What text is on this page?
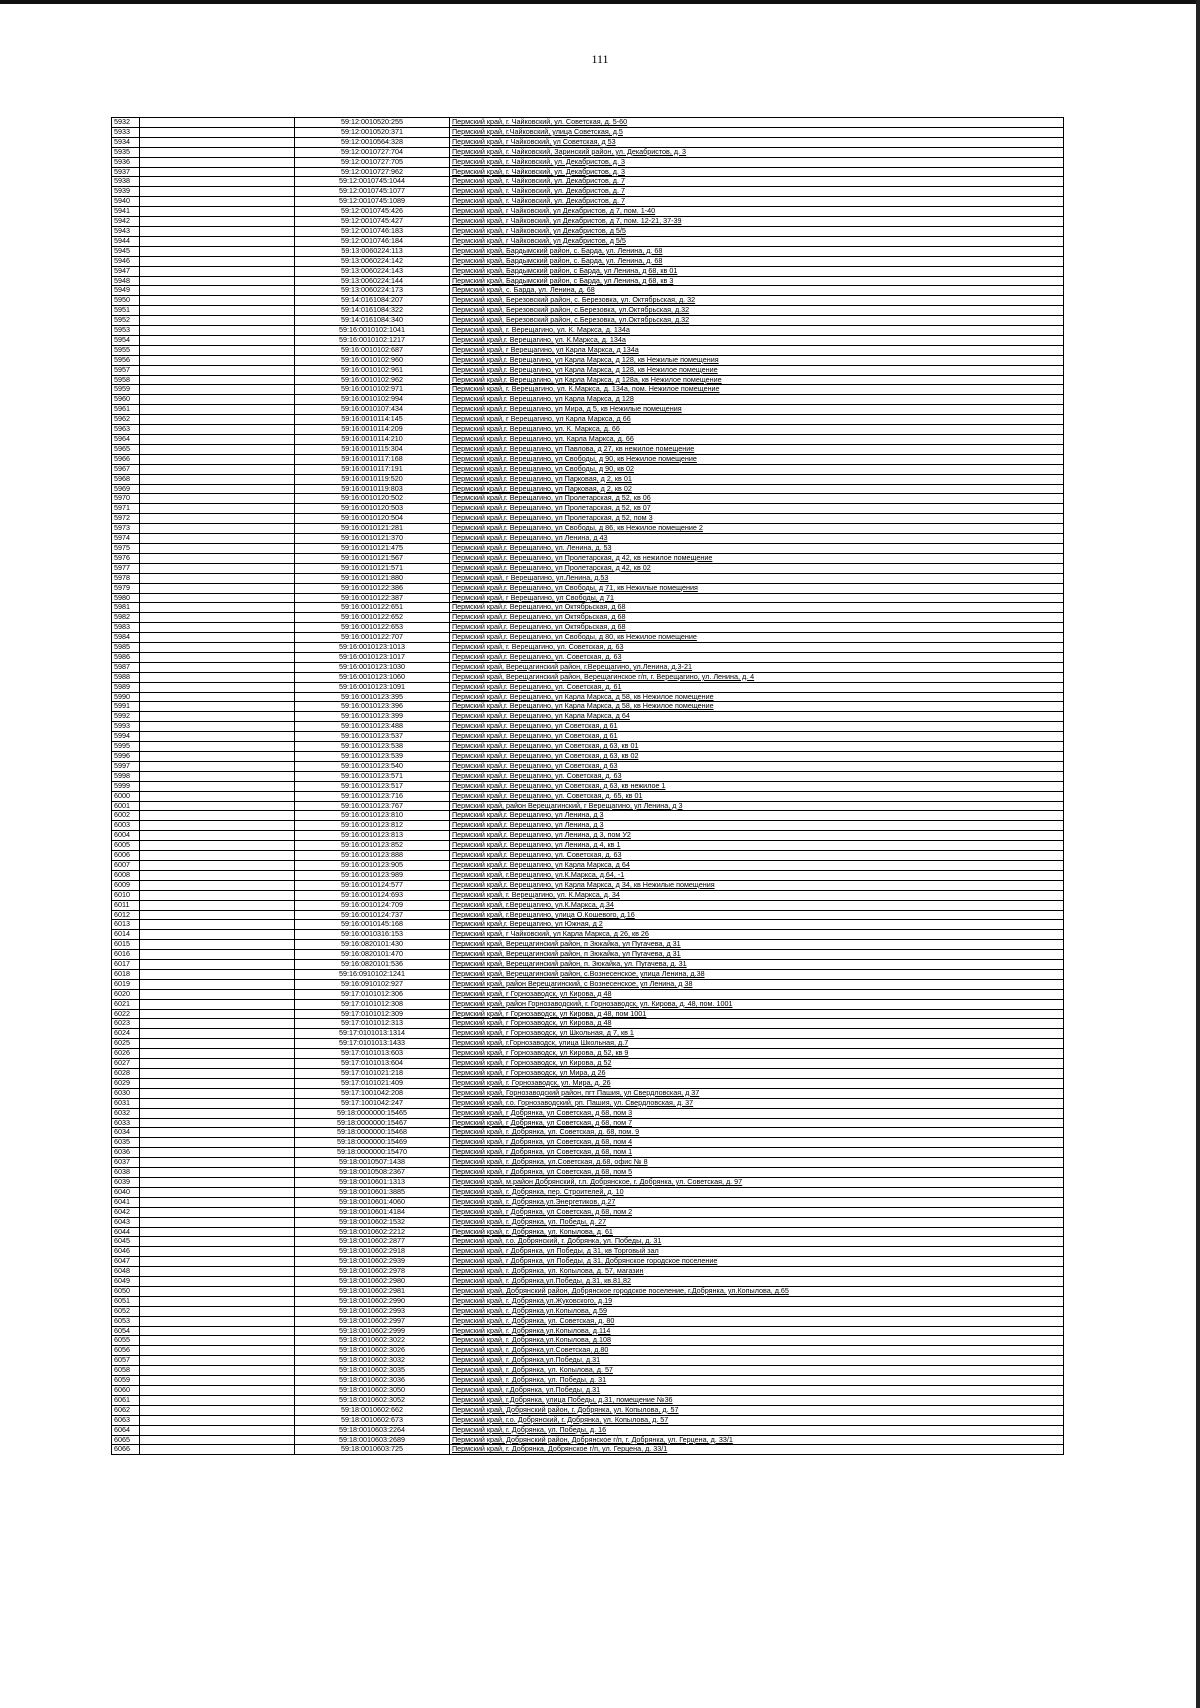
111
5932		59:12:0010520:255	Пермский край, г. Чайковский, ул. Советская, д. 5-60
5933		59:12:0010520:371	Пермский край, г.Чайковский, улица Советская, д.5
5934		59:12:0010564:328	Пермский край, г Чайковский, ул Советская, д 53
5935		59:12:0010727:704	Пермский край, г. Чайковский, Заринский район, ул. Декабристов, д. 3
5936		59:12:0010727:705	Пермский край, г. Чайковский, ул. Декабристов, д. 3
5937		59:12:0010727:962	Пермский край, г. Чайковский, ул. Декабристов, д. 3
5938		59:12:0010745:1044	Пермский край, г. Чайковский, ул. Декабристов, д. 7
5939		59:12:0010745:1077	Пермский край, г. Чайковский, ул. Декабристов, д. 7
5940		59:12:0010745:1089	Пермский край, г. Чайковский, ул. Декабристов, д. 7
5941		59:12:0010745:426	Пермский край, г Чайковский, ул Декабристов, д 7, пом. 1-40
5942		59:12:0010745:427	Пермский край, г Чайковский, ул Декабристов, д 7, пом. 12-21, 37-39
5943		59:12:0010746:183	Пермский край, г Чайковский, ул Декабристов, д 5/5
5944		59:12:0010746:184	Пермский край, г Чайковский, ул Декабристов, д 5/5
5945		59:13:0060224:113	Пермский край, Бардымский район, с. Барда, ул. Ленина, д. 68
5946		59:13:0060224:142	Пермский край, Бардымский район, с. Барда, ул. Ленина, д. 68
5947		59:13:0060224:143	Пермский край, Бардымский район, с Барда, ул Ленина, д 68, кв 01
5948		59:13:0060224:144	Пермский край, Бардымский район, с Барда, ул Ленина, д 68, кв 3
5949		59:13:0060224:173	Пермский край, с. Барда, ул. Ленина, д. 68
5950		59:14:0161084:207	Пермский край, Березовский район, с. Березовка, ул. Октябрьская, д. 32
5951		59:14:0161084:322	Пермский край, Березовский район, с.Березовка, ул.Октябрьская, д.32
5952		59:14:0161084:340	Пермский край, Березовский район, с.Березовка, ул.Октябрьская, д.32
5953		59:16:0010102:1041	Пермский край, г. Верещагино, ул. К. Маркса, д. 134а
5954		59:16:0010102:1217	Пермский край,г. Верещагино, ул. К.Маркса, д. 134а
5955		59:16:0010102:687	Пермский край, г Верещагино, ул Карла Маркса, д 134а
5956		59:16:0010102:960	Пермский край,г. Верещагино, ул Карла Маркса, д 128, кв Нежилые помещения
5957		59:16:0010102:961	Пермский край,г. Верещагино, ул Карла Маркса, д 128, кв Нежилое помещение
5958		59:16:0010102:962	Пермский край,г. Верещагино, ул Карла Маркса, д 128а, кв Нежилое помещение
5959		59:16:0010102:971	Пермский край, г. Верещагино, ул. К.Маркса, д. 134а, пом. Нежилое помещение
5960		59:16:0010102:994	Пермский край,г. Верещагино, ул Карла Маркса, д 128
5961		59:16:0010107:434	Пермский край,г. Верещагино, ул Мира, д 5, кв Нежилые помещения
5962		59:16:0010114:145	Пермский край, г Верещагино, ул Карла Маркса, д 66
5963		59:16:0010114:209	Пермский край,г. Верещагино, ул. К. Маркса, д. 66
5964		59:16:0010114:210	Пермский край,г. Верещагино, ул. Карла Маркса, д. 66
5965		59:16:0010115:304	Пермский край,г. Верещагино, ул Павлова, д 27, кв нежилое помещение
5966		59:16:0010117:168	Пермский край,г. Верещагино, ул Свободы, д 90, кв Нежилое помещение
5967		59:16:0010117:191	Пермский край,г. Верещагино, ул Свободы, д 90, кв 02
5968		59:16:0010119:520	Пермский край,г. Верещагино, ул Парковая, д 2, кв 01
5969		59:16:0010119:803	Пермский край,г. Верещагино, ул Парковая, д 2, кв 02
5970		59:16:0010120:502	Пермский край,г. Верещагино, ул Пролетарская, д 52, кв 06
5971		59:16:0010120:503	Пермский край,г. Верещагино, ул Пролетарская, д 52, кв 07
5972		59:16:0010120:504	Пермский край,г. Верещагино, ул Пролетарская, д 52, пом 3
5973		59:16:0010121:281	Пермский край,г. Верещагино, ул Свободы, д 86, кв Нежилое помещение 2
5974		59:16:0010121:370	Пермский край,г. Верещагино, ул Ленина, д 43
5975		59:16:0010121:475	Пермский край,г. Верещагино, ул. Ленина, д. 53
5976		59:16:0010121:567	Пермский край,г. Верещагино, ул Пролетарская, д 42, кв нежилое помещение
5977		59:16:0010121:571	Пермский край,г. Верещагино, ул Пролетарская, д 42, кв 02
5978		59:16:0010121:880	Пермский край, г Верещагино, ул.Ленина, д.53
5979		59:16:0010122:386	Пермский край,г. Верещагино, ул Свободы, д 71, кв Нежилые помещения
5980		59:16:0010122:387	Пермский край, г Верещагино, ул Свободы, д 71
5981		59:16:0010122:651	Пермский край,г. Верещагино, ул Октябрьская, д 68
5982		59:16:0010122:652	Пермский край,г. Верещагино, ул Октябрьская, д 68
5983		59:16:0010122:653	Пермский край,г. Верещагино, ул Октябрьская, д 68
5984		59:16:0010122:707	Пермский край,г. Верещагино, ул Свободы, д 80, кв Нежилое помещение
5985		59:16:0010123:1013	Пермский край, г. Верещагино, ул. Советская, д. 63
5986		59:16:0010123:1017	Пермский край,г. Верещагино, ул. Советская, д. 63
5987		59:16:0010123:1030	Пермский край, Верещагинский район, г.Верещагино, ул.Ленина, д.3-21
5988		59:16:0010123:1060	Пермский край, Верещагинский район, Верещагинское г/п, г. Верещагино, ул. Ленина, д. 4
5989		59:16:0010123:1091	Пермский край,г. Верещагино, ул. Советская, д. 61
5990		59:16:0010123:395	Пермский край,г. Верещагино, ул Карла Маркса, д 58, кв Нежилое помещение
5991		59:16:0010123:396	Пермский край,г. Верещагино, ул Карла Маркса, д 58, кв Нежилое помещение
5992		59:16:0010123:399	Пермский край,г. Верещагино, ул Карла Маркса, д 64
5993		59:16:0010123:488	Пермский край,г. Верещагино, ул Советская, д 61
5994		59:16:0010123:537	Пермский край,г. Верещагино, ул Советская, д 61
5995		59:16:0010123:538	Пермский край,г. Верещагино, ул Советская, д 63, кв 01
5996		59:16:0010123:539	Пермский край,г. Верещагино, ул Советская, д 63, кв 02
5997		59:16:0010123:540	Пермский край,г. Верещагино, ул Советская, д 63
5998		59:16:0010123:571	Пермский край,г. Верещагино, ул. Советская, д. 63
5999		59:16:0010123:517	Пермский край,г. Верещагино, ул Советская, д 63, кв нежилое 1
6000		59:16:0010123:716	Пермский край,г. Верещагино, ул. Советская, д. 65, кв 01
6001		59:16:0010123:767	Пермский край, район Верещагинский, г Верещагино, ул Ленина, д 3
6002		59:16:0010123:810	Пермский край,г. Верещагино, ул Ленина, д 3
6003		59:16:0010123:812	Пермский край,г. Верещагино, ул Ленина, д 3
6004		59:16:0010123:813	Пермский край,г. Верещагино, ул Ленина, д 3, пом У2
6005		59:16:0010123:852	Пермский край,г. Верещагино, ул Ленина, д 4, кв 1
6006		59:16:0010123:888	Пермский край,г. Верещагино, ул. Советская, д. 63
6007		59:16:0010123:905	Пермский край,г. Верещагино, ул Карла Маркса, д 64
6008		59:16:0010123:989	Пермский край, г.Верещагино, ул.К.Маркса, д.64, -1
6009		59:16:0010124:577	Пермский край,г. Верещагино, ул Карла Маркса, д 34, кв Нежилые помещения
6010		59:16:0010124:693	Пермский край, г. Верещагино, ул. К.Маркса, д. 34
6011		59:16:0010124:709	Пермский край, г.Верещагино, ул.К.Маркса, д.34
6012		59:16:0010124:737	Пермский край, г.Верещагино, улица О.Кошевого, д.16
6013		59:16:0010145:168	Пермский край,г. Верещагино, ул Южная, д 2
6014		59:16:0010316:153	Пермский край, г Чайковский, ул Карла Маркса, д 26, кв 26
6015		59:16:0820101:430	Пермский край, Верещагинский район, п Зюкайка, ул Пугачева, д 31
6016		59:16:0820101:470	Пермский край, Верещагинский район, п Зюкайка, ул Пугачева, д 31
6017		59:16:0820101:536	Пермский край, Верещагинский район, п. Зюкайка, ул. Пугачева, д. 31
6018		59:16:0910102:1241	Пермский край, Верещагинский район, с.Вознесенское, улица Ленина, д.38
6019		59:16:0910102:927	Пермский край, район Верещагинский, с Вознесенское, ул Ленина, д 38
6020		59:17:0101012:306	Пермский край, г Горнозаводск, ул Кирова, д 48
6021		59:17:0101012:308	Пермский край, район Горнозаводский, г. Горнозаводск, ул. Кирова, д. 48, пом. 1001
6022		59:17:0101012:309	Пермский край, г Горнозаводск, ул Кирова, д 48, пом 1001
6023		59:17:0101012:313	Пермский край, г Горнозаводск, ул Кирова, д 48
6024		59:17:0101013:1314	Пермский край, г Горнозаводск, ул Школьная, д 7, кв 1
6025		59:17:0101013:1433	Пермский край, г.Горнозаводск, улица Школьная, д.7
6026		59:17:0101013:603	Пермский край, г Горнозаводск, ул Кирова, д 52, кв 9
6027		59:17:0101013:604	Пермский край, г Горнозаводск, ул Кирова, д 52
6028		59:17:0101021:218	Пермский край, г Горнозаводск, ул Мира, д 26
6029		59:17:0101021:409	Пермский край, г. Горнозаводск, ул. Мира, д. 26
6030		59:17:1001042:208	Пермский край, Горнозаводский район, пгт Пашия, ул Свердловская, д 37
6031		59:17:1001042:247	Пермский край, г.о. Горнозаводский, рп. Пашия, ул. Свердловская, д. 37
6032		59:18:0000000:15465	Пермский край, г Добрянка, ул Советская, д 68, пом 3
6033		59:18:0000000:15467	Пермский край, г Добрянка, ул Советская, д 68, пом 7
6034		59:18:0000000:15468	Пермский край, г. Добрянка, ул. Советская, д. 68, пом. 9
6035		59:18:0000000:15469	Пермский край, г Добрянка, ул Советская, д 68, пом 4
6036		59:18:0000000:15470	Пермский край, г Добрянка, ул Советская, д 68, пом 1
6037		59:18:0010507:1438	Пермский край, г. Добрянка, ул.Советская, д.68, офис № 8
6038		59:18:0010508:2367	Пермский край, г Добрянка, ул Советская, д 68, пом 5
6039		59:18:0010601:1313	Пермский край, м.район Добрянский, г.п. Добрянское, г. Добрянка, ул. Советская, д. 97
6040		59:18:0010601:3885	Пермский край, г. Добрянка, пер. Строителей, д. 10
6041		59:18:0010601:4060	Пермский край, г. Добрянка,ул.Энергетиков, д.27
6042		59:18:0010601:4184	Пермский край, г Добрянка, ул Советская, д 68, пом 2
6043		59:18:0010602:1532	Пермский край, г. Добрянка, ул. Победы, д. 27
6044		59:18:0010602:2212	Пермский край, г. Добрянка, ул. Копылова, д. 61
6045		59:18:0010602:2877	Пермский край, г.о. Добрянский, г. Добрянка, ул. Победы, д. 31
6046		59:18:0010602:2918	Пермский край, г Добрянка, ул Победы, д 31, кв Торговый зал
6047		59:18:0010602:2939	Пермский край, г Добрянка, ул Победы, д 31, Добрянское городское поселение
6048		59:18:0010602:2978	Пермский край, г. Добрянка, ул. Копылова, д. 57, магазин
6049		59:18:0010602:2980	Пермский край, г. Добрянка,ул.Победы, д.31, кв.81,82
6050		59:18:0010602:2981	Пермский край, Добрянский район, Добрянское городское поселение, г.Добрянка, ул.Копылова, д.65
6051		59:18:0010602:2990	Пермский край, г. Добрянка,ул.Жуковского, д.19
6052		59:18:0010602:2993	Пермский край, г. Добрянка,ул.Копылова, д.59
6053		59:18:0010602:2997	Пермский край, г. Добрянка, ул. Советская, д. 80
6054		59:18:0010602:2999	Пермский край, г. Добрянка,ул.Копылова, д.114
6055		59:18:0010602:3022	Пермский край, г. Добрянка,ул.Копылова, д.108
6056		59:18:0010602:3026	Пермский край, г. Добрянка,ул.Советская, д.80
6057		59:18:0010602:3032	Пермский край, г. Добрянка,ул.Победы, д.31
6058		59:18:0010602:3035	Пермский край, г. Добрянка, ул. Копылова, д. 57
6059		59:18:0010602:3036	Пермский край, г. Добрянка, ул. Победы, д. 31
6060		59:18:0010602:3050	Пермский край, г.Добрянка, ул.Победы, д.31
6061		59:18:0010602:3052	Пермский край, г.Добрянка, улица Победы, д.31, помещение №36
6062		59:18:0010602:662	Пермский край, Добрянский район, г. Добрянка, ул. Копылова, д. 57
6063		59:18:0010602:673	Пермский край, г.о. Добрянский, г. Добрянка, ул. Копылова, д. 57
6064		59:18:0010603:2264	Пермский край, г. Добрянка, ул. Победы, д. 16
6065		59:18:0010603:2689	Пермский край, Добрянский район, Добрянское г/п, г. Добрянка, ул. Герцена, д. 33/1
6066		59:18:0010603:725	Пермский край, г. Добрянка, Добрянское г/п, ул. Герцена, д. 33/1
